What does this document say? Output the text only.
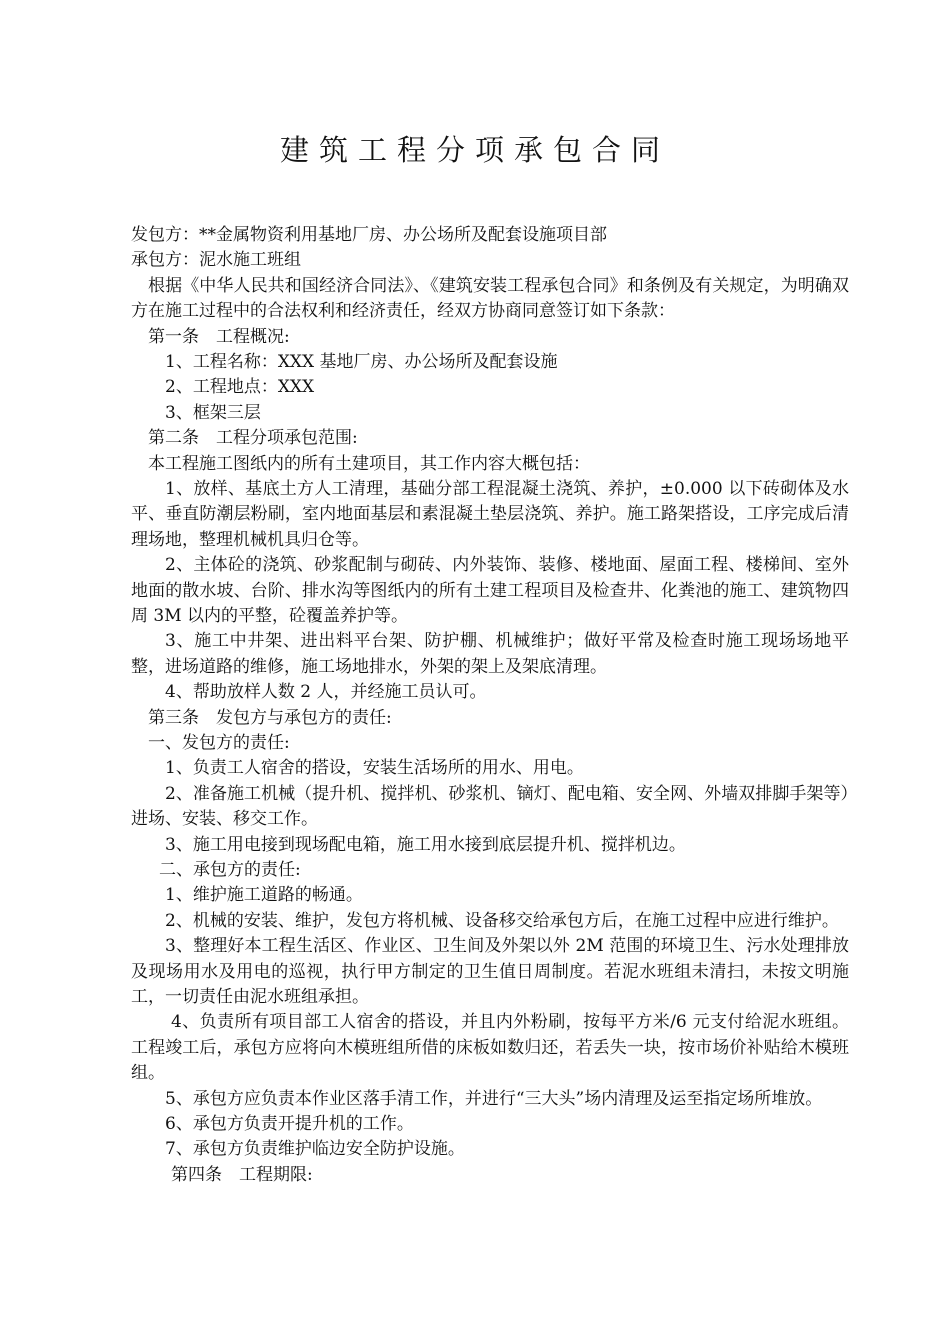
建筑工程分项承包合同
发包方：**金属物资利用基地厂房、办公场所及配套设施项目部
承包方：泥水施工班组

根据《中华人民共和国经济合同法》、《建筑安装工程承包合同》和条例及有关规定，为明确双方在施工过程中的合法权利和经济责任，经双方协商同意签订如下条款：

第一条　工程概况:
1、工程名称：XXX 基地厂房、办公场所及配套设施
2、工程地点：XXX
3、框架三层
第二条　工程分项承包范围:
本工程施工图纸内的所有土建项目，其工作内容大概包括：

1、放样、基底土方人工清理，基础分部工程混凝土浇筑、养护，±0.000 以下砖砌体及水平、垂直防潮层粉刷，室内地面基层和素混凝土垫层浇筑、养护。施工路架搭设，工序完成后清理场地，整理机械机具归仓等。

2、主体砼的浇筑、砂浆配制与砌砖、内外装饰、装修、楼地面、屋面工程、楼梯间、室外地面的散水坡、台阶、排水沟等图纸内的所有土建工程项目及检查井、化粪池的施工、建筑物四周 3M 以内的平整，砼覆盖养护等。

3、施工中井架、进出料平台架、防护棚、机械维护；做好平常及检查时施工现场场地平整，进场道路的维修，施工场地排水，外架的架上及架底清理。

4、帮助放样人数 2 人，并经施工员认可。

第三条　发包方与承包方的责任:
一、发包方的责任:

1、负责工人宿舍的搭设，安装生活场所的用水、用电。

2、准备施工机械（提升机、搅拌机、砂浆机、镝灯、配电箱、安全网、外墙双排脚手架等）进场、安装、移交工作。

3、施工用电接到现场配电箱，施工用水接到底层提升机、搅拌机边。

二、承包方的责任:

1、维护施工道路的畅通。

2、机械的安装、维护，发包方将机械、设备移交给承包方后，在施工过程中应进行维护。

3、整理好本工程生活区、作业区、卫生间及外架以外 2M 范围的环境卫生、污水处理排放及现场用水及用电的巡视，执行甲方制定的卫生值日周制度。若泥水班组未清扫，未按文明施工，一切责任由泥水班组承担。

4、负责所有项目部工人宿舍的搭设，并且内外粉刷，按每平方米/6 元支付给泥水班组。工程竣工后，承包方应将向木模班组所借的床板如数归还，若丢失一块，按市场价补贴给木模班组。

5、承包方应负责本作业区落手清工作，并进行“三大头”场内清理及运至指定场所堆放。

6、承包方负责开提升机的工作。

7、承包方负责维护临边安全防护设施。

第四条　工程期限:
